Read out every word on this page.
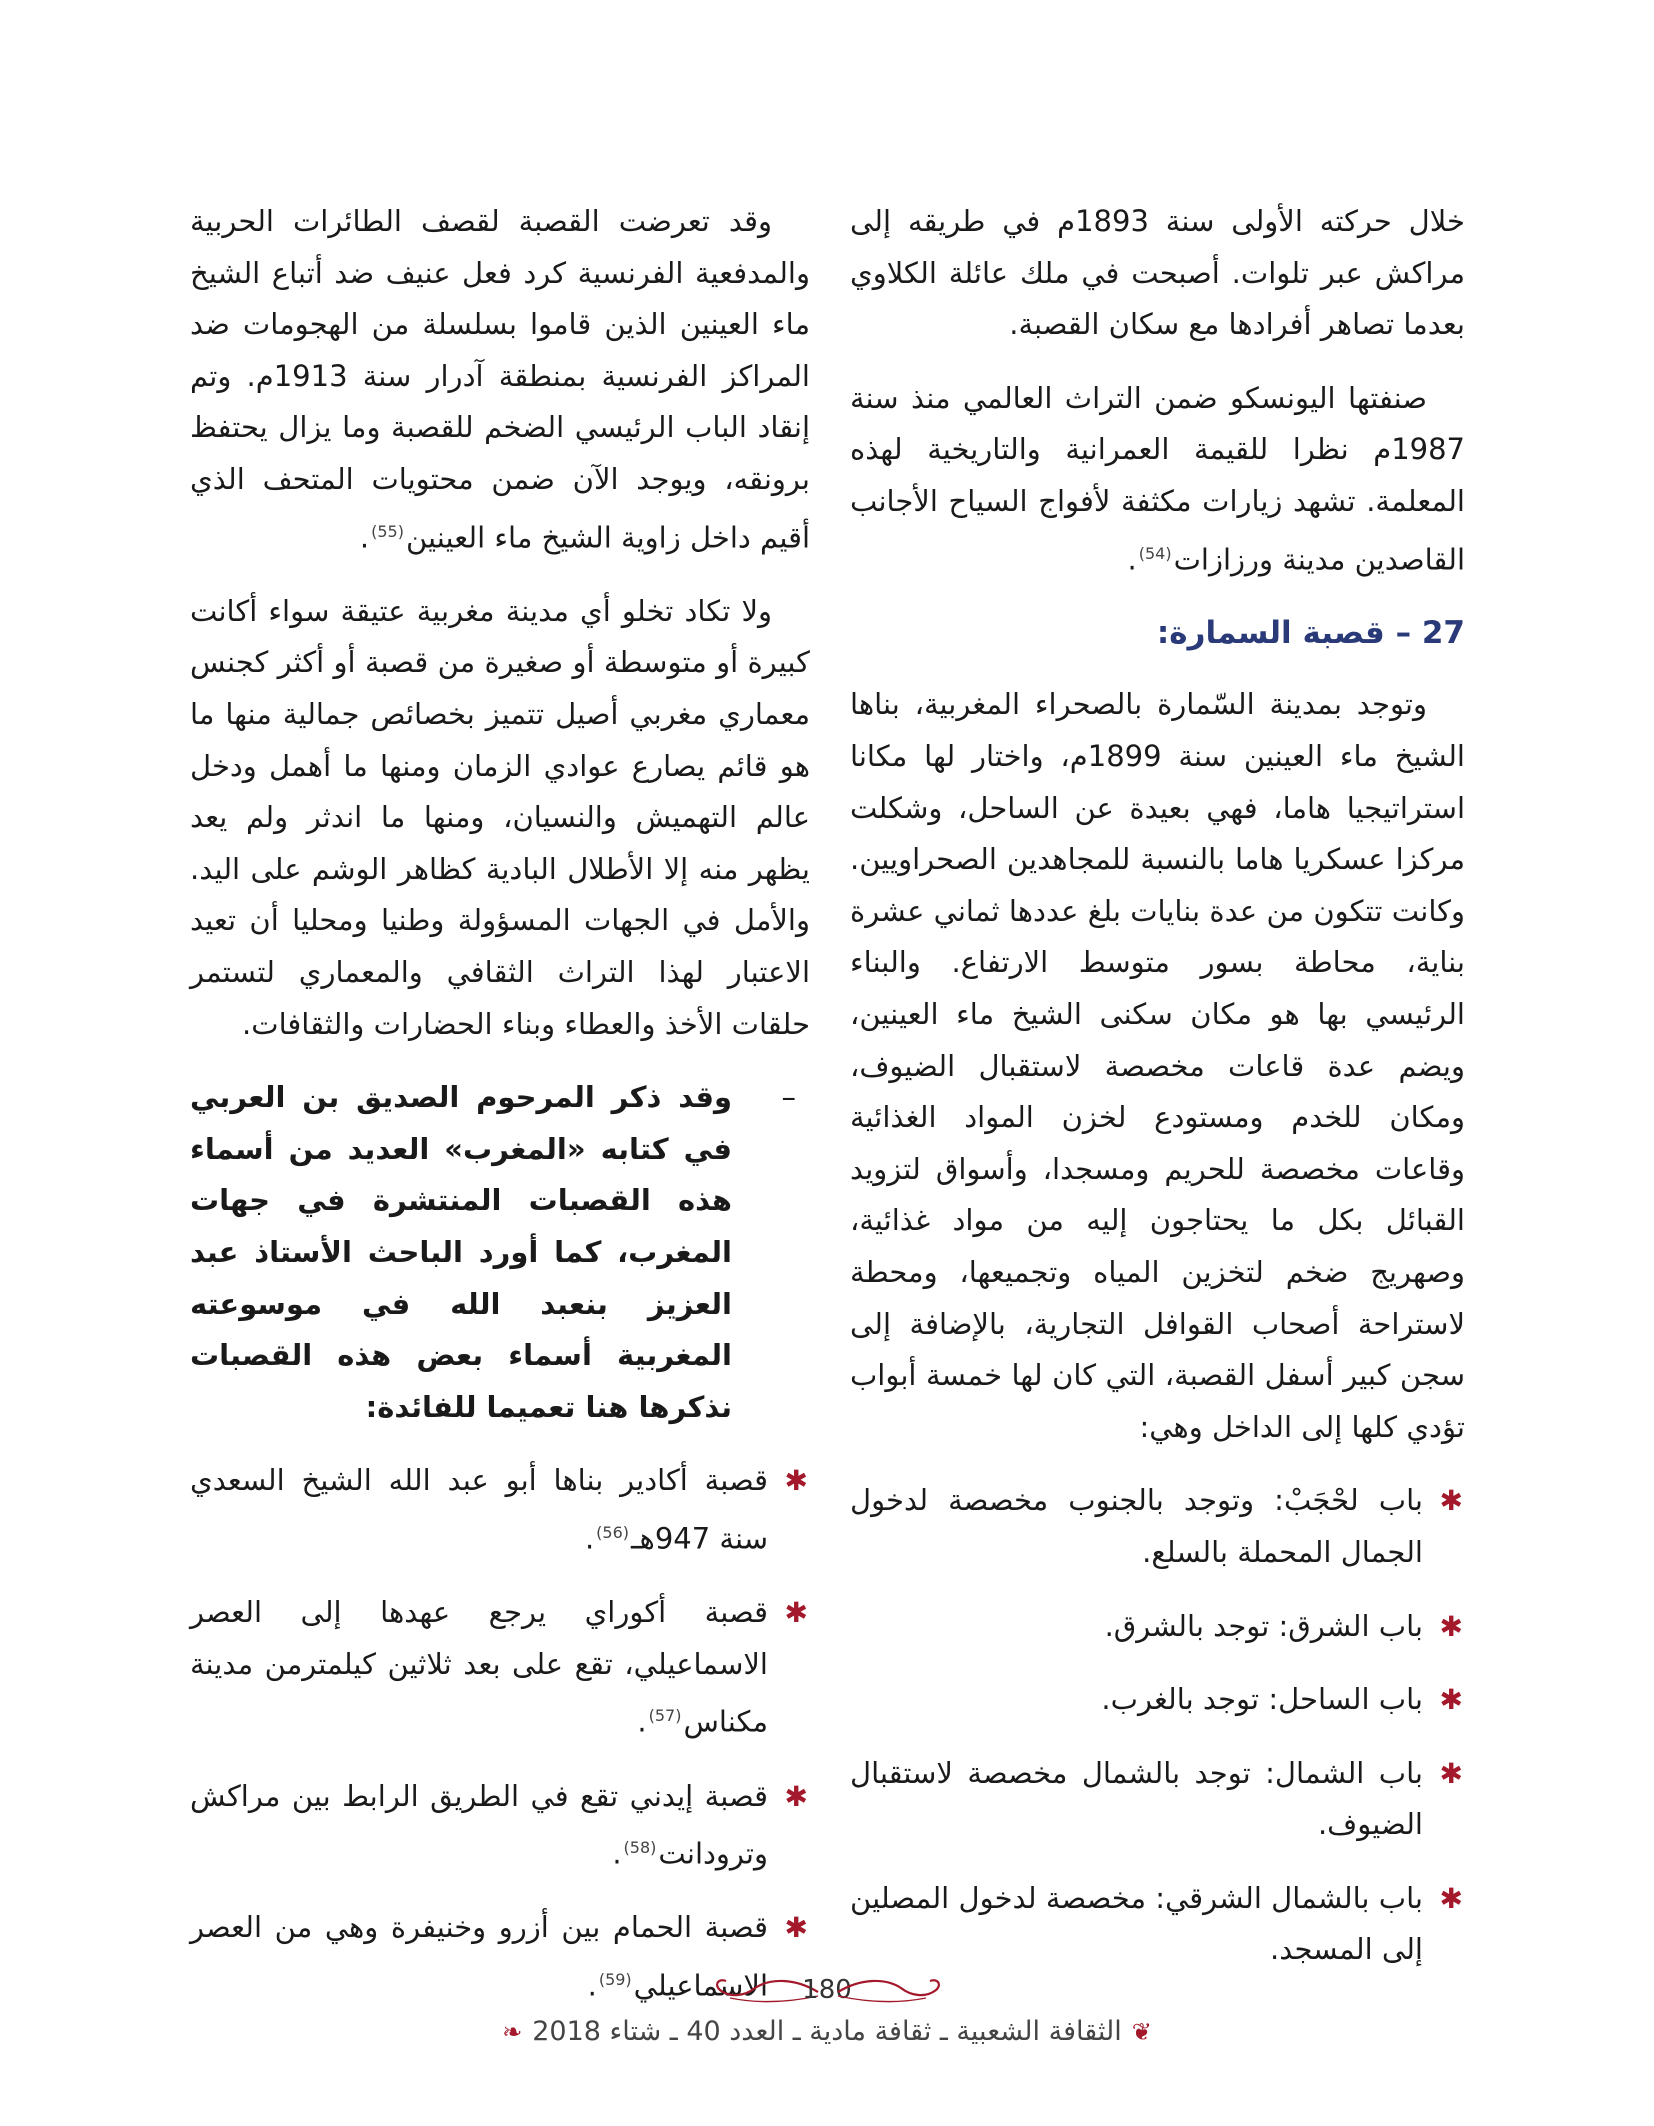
خلال حركته الأولى سنة 1893م في طريقه إلى مراكش عبر تلوات. أصبحت في ملك عائلة الكلاوي بعدما تصاهر أفرادها مع سكان القصبة.

صنفتها اليونسكو ضمن التراث العالمي منذ سنة 1987م نظرا للقيمة العمرانية والتاريخية لهذه المعلمة. تشهد زيارات مكثفة لأفواج السياح الأجانب القاصدين مدينة ورزازات$^{(54)}$.

27 – قصبة السمارة:

وتوجد بمدينة السّمارة بالصحراء المغربية، بناها الشيخ ماء العينين سنة 1899م، واختار لها مكانا استراتيجيا هاما، فهي بعيدة عن الساحل، وشكلت مركزا عسكريا هاما بالنسبة للمجاهدين الصحراويين. وكانت تتكون من عدة بنايات بلغ عددها ثماني عشرة بناية، محاطة بسور متوسط الارتفاع. والبناء الرئيسي بها هو مكان سكنى الشيخ ماء العينين، ويضم عدة قاعات مخصصة لاستقبال الضيوف، ومكان للخدم ومستودع لخزن المواد الغذائية وقاعات مخصصة للحريم ومسجدا، وأسواق لتزويد القبائل بكل ما يحتاجون إليه من مواد غذائية، وصهريج ضخم لتخزين المياه وتجميعها، ومحطة لاستراحة أصحاب القوافل التجارية، بالإضافة إلى سجن كبير أسفل القصبة، التي كان لها خمسة أبواب تؤدي كلها إلى الداخل وهي:

✱
باب لحْجَبْ: وتوجد بالجنوب مخصصة لدخول الجمال المحملة بالسلع.

✱
باب الشرق: توجد بالشرق.

✱
باب الساحل: توجد بالغرب.

✱
باب الشمال: توجد بالشمال مخصصة لاستقبال الضيوف.

✱
باب بالشمال الشرقي: مخصصة لدخول المصلين إلى المسجد.

وقد تعرضت القصبة لقصف الطائرات الحربية والمدفعية الفرنسية كرد فعل عنيف ضد أتباع الشيخ ماء العينين الذين قاموا بسلسلة من الهجومات ضد المراكز الفرنسية بمنطقة آدرار سنة 1913م. وتم إنقاد الباب الرئيسي الضخم للقصبة وما يزال يحتفظ برونقه، ويوجد الآن ضمن محتويات المتحف الذي أقيم داخل زاوية الشيخ ماء العينين$^{(55)}$.

ولا تكاد تخلو أي مدينة مغربية عتيقة سواء أكانت كبيرة أو متوسطة أو صغيرة من قصبة أو أكثر كجنس معماري مغربي أصيل تتميز بخصائص جمالية منها ما هو قائم يصارع عوادي الزمان ومنها ما أهمل ودخل عالم التهميش والنسيان، ومنها ما اندثر ولم يعد يظهر منه إلا الأطلال البادية كظاهر الوشم على اليد. والأمل في الجهات المسؤولة وطنيا ومحليا أن تعيد الاعتبار لهذا التراث الثقافي والمعماري لتستمر حلقات الأخذ والعطاء وبناء الحضارات والثقافات.

–
وقد ذكر المرحوم الصديق بن العربي في كتابه «المغرب» العديد من أسماء هذه القصبات المنتشرة في جهات المغرب، كما أورد الباحث الأستاذ عبد العزيز بنعبد الله في موسوعته المغربية أسماء بعض هذه القصبات نذكرها هنا تعميما للفائدة:

✱
قصبة أكادير بناها أبو عبد الله الشيخ السعدي سنة 947هـ$^{(56)}$.

✱
قصبة أكوراي يرجع عهدها إلى العصر الاسماعيلي، تقع على بعد ثلاثين كيلمترمن مدينة مكناس$^{(57)}$.

✱
قصبة إيدني تقع في الطريق الرابط بين مراكش وترودانت$^{(58)}$.

✱
قصبة الحمام بين أزرو وخنيفرة وهي من العصر الاسماعيلي$^{(59)}$.	180
❦الثقافة الشعبية ـ ثقافة مادية ـ العدد 40 ـ شتاء 2018❧
